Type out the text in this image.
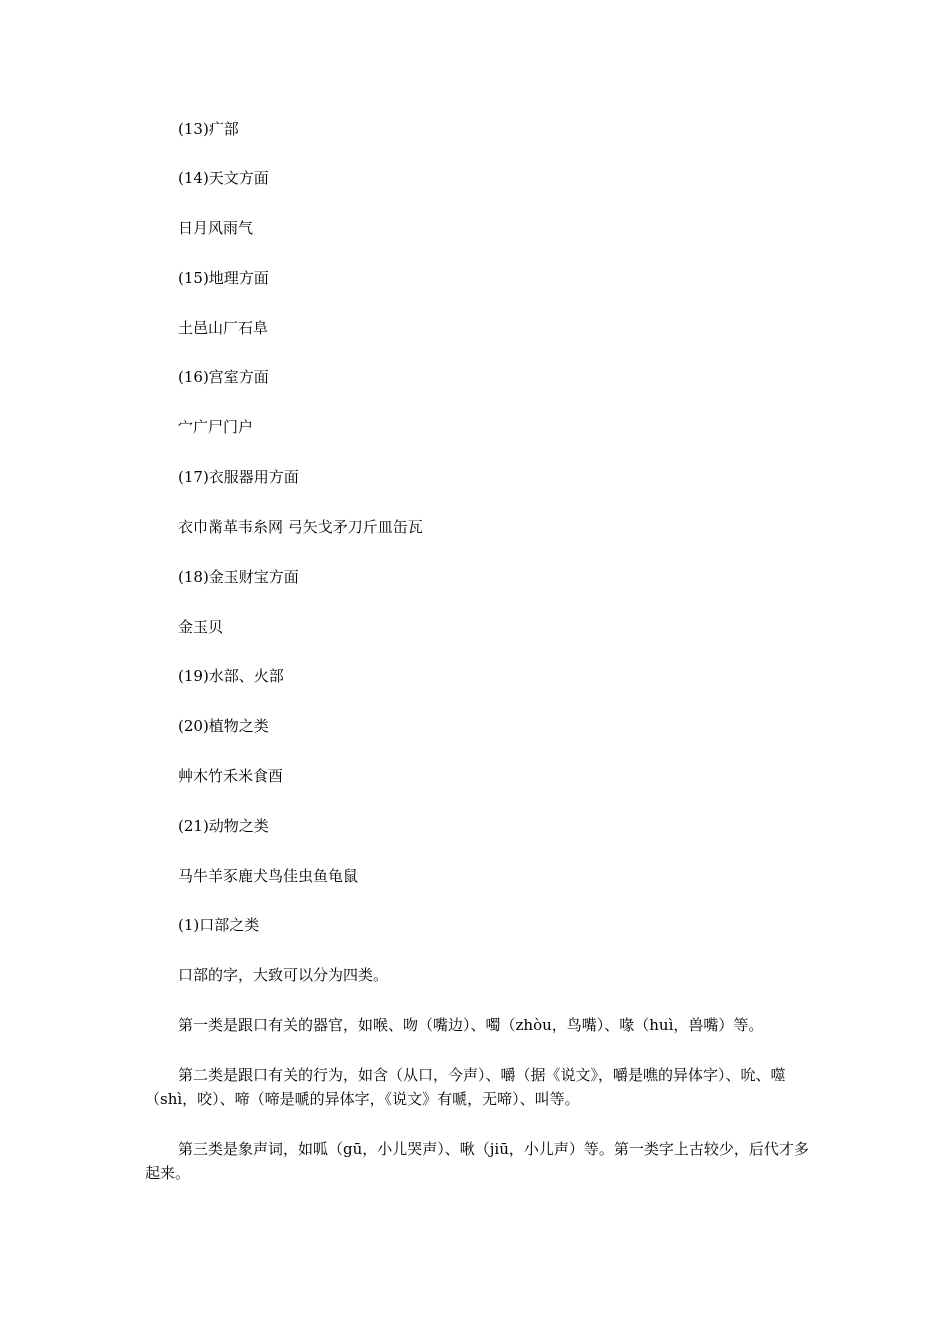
(13)疒部
(14)天文方面
日月风雨气
(15)地理方面
土邑山厂石阜
(16)宫室方面
宀广尸门户
(17)衣服器用方面
衣巾黹革韦糸网 弓矢戈矛刀斤皿缶瓦
(18)金玉财宝方面
金玉贝
(19)水部、火部
(20)植物之类
艸木竹禾米食酉
(21)动物之类
马牛羊豕鹿犬鸟佳虫鱼龟鼠
(1)口部之类
口部的字，大致可以分为四类。

第一类是跟口有关的器官，如喉、吻（嘴边）、噣（zhòu，鸟嘴）、喙（huì，兽嘴）等。

第二类是跟口有关的行为，如含（从口，今声）、嚼（据《说文》，嚼是噍的异体字）、吮、噬（shì，咬）、啼（啼是嗁的异体字，《说文》有嗁，无啼）、叫等。

第三类是象声词，如呱（gū，小儿哭声）、啾（jiū，小儿声）等。第一类字上古较少，后代才多起来。
